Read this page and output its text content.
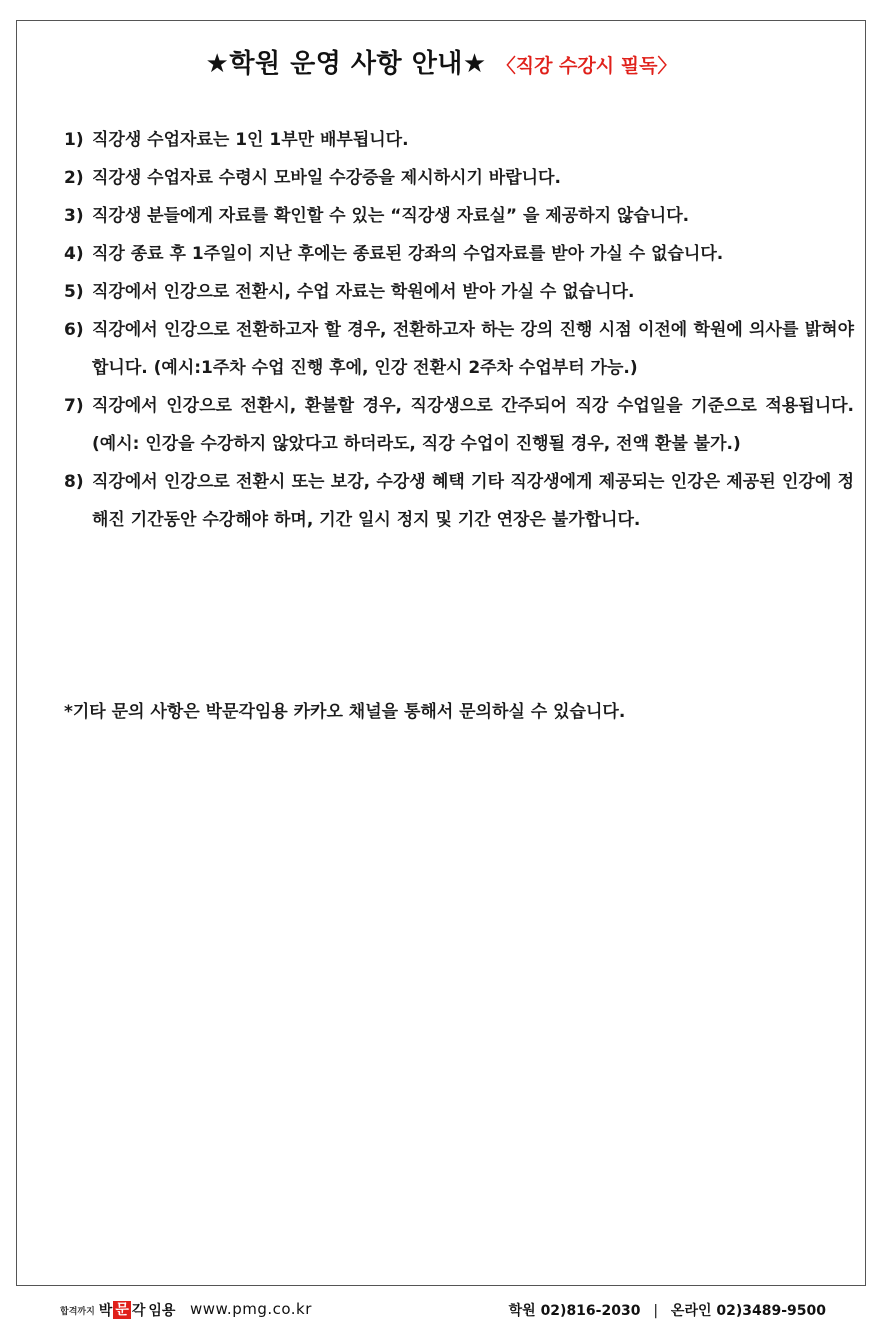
★학원 운영 사항 안내★ 〈직강 수강시 필독〉
1) 직강생 수업자료는 1인 1부만 배부됩니다.
2) 직강생 수업자료 수령시 모바일 수강증을 제시하시기 바랍니다.
3) 직강생 분들에게 자료를 확인할 수 있는 “직강생 자료실” 을 제공하지 않습니다.
4) 직강 종료 후 1주일이 지난 후에는 종료된 강좌의 수업자료를 받아 가실 수 없습니다.
5) 직강에서 인강으로 전환시, 수업 자료는 학원에서 받아 가실 수 없습니다.
6) 직강에서 인강으로 전환하고자 할 경우, 전환하고자 하는 강의 진행 시점 이전에 학원에 의사를 밝혀야 합니다. (예시:1주차 수업 진행 후에, 인강 전환시 2주차 수업부터 가능.)
7) 직강에서 인강으로 전환시, 환불할 경우, 직강생으로 간주되어 직강 수업일을 기준으로 적용됩니다. (예시: 인강을 수강하지 않았다고 하더라도, 직강 수업이 진행될 경우, 전액 환불 불가.)
8) 직강에서 인강으로 전환시 또는 보강, 수강생 혜택 기타 직강생에게 제공되는 인강은 제공된 인강에 정해진 기간동안 수강해야 하며, 기간 일시 정지 및 기간 연장은 불가합니다.
*기타 문의 사항은 박문각임용 카카오 채널을 통해서 문의하실 수 있습니다.
합격까지 박 문 각 임용 www.pmg.co.kr	학원 02)816-2030 | 온라인 02)3489-9500
